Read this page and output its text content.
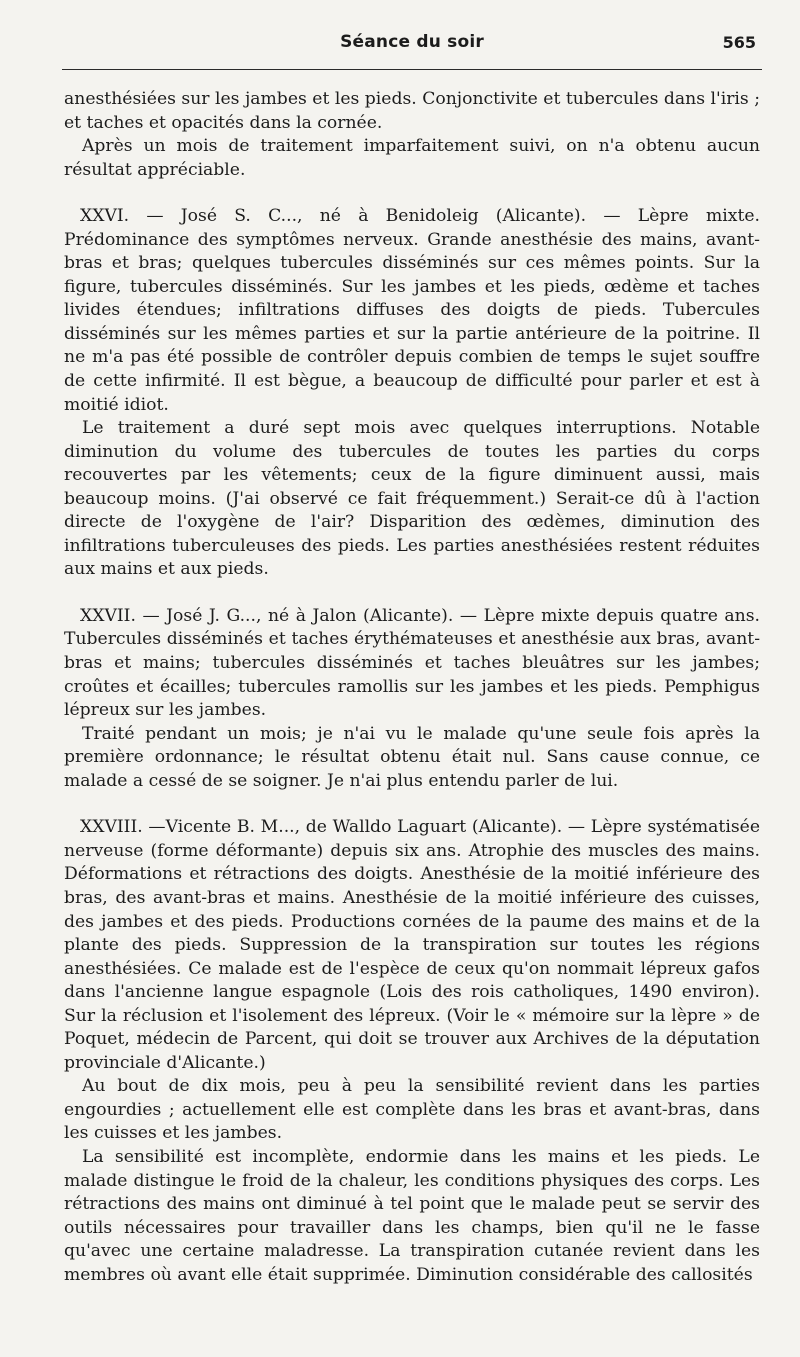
Séance du soir	565

anesthésiées sur les jambes et les pieds. Conjonctivite et tubercules dans l'iris ; et taches et opacités dans la cornée.

Après un mois de traitement imparfaitement suivi, on n'a obtenu aucun résultat appréciable.

XXVI. — José S. C..., né à Benidoleig (Alicante). — Lèpre mixte. Prédominance des symptômes nerveux. Grande anesthésie des mains, avant-bras et bras; quelques tubercules disséminés sur ces mêmes points. Sur la figure, tubercules disséminés. Sur les jambes et les pieds, œdème et taches livides étendues; infiltrations diffuses des doigts de pieds. Tubercules disséminés sur les mêmes parties et sur la partie antérieure de la poitrine. Il ne m'a pas été possible de contrôler depuis combien de temps le sujet souffre de cette infirmité. Il est bègue, a beaucoup de difficulté pour parler et est à moitié idiot.

Le traitement a duré sept mois avec quelques interruptions. Notable diminution du volume des tubercules de toutes les parties du corps recouvertes par les vêtements; ceux de la figure diminuent aussi, mais beaucoup moins. (J'ai observé ce fait fréquemment.) Serait-ce dû à l'action directe de l'oxygène de l'air? Disparition des œdèmes, diminution des infiltrations tuberculeuses des pieds. Les parties anesthésiées restent réduites aux mains et aux pieds.

XXVII. — José J. G..., né à Jalon (Alicante). — Lèpre mixte depuis quatre ans. Tubercules disséminés et taches érythémateuses et anesthésie aux bras, avant-bras et mains; tubercules disséminés et taches bleuâtres sur les jambes; croûtes et écailles; tubercules ramollis sur les jambes et les pieds. Pemphigus lépreux sur les jambes.

Traité pendant un mois; je n'ai vu le malade qu'une seule fois après la première ordonnance; le résultat obtenu était nul. Sans cause connue, ce malade a cessé de se soigner. Je n'ai plus entendu parler de lui.

XXVIII. —Vicente B. M..., de Walldo Laguart (Alicante). — Lèpre systématisée nerveuse (forme déformante) depuis six ans. Atrophie des muscles des mains. Déformations et rétractions des doigts. Anesthésie de la moitié inférieure des bras, des avant-bras et mains. Anesthésie de la moitié inférieure des cuisses, des jambes et des pieds. Productions cornées de la paume des mains et de la plante des pieds. Suppression de la transpiration sur toutes les régions anesthésiées. Ce malade est de l'espèce de ceux qu'on nommait lépreux gafos dans l'ancienne langue espagnole (Lois des rois catholiques, 1490 environ). Sur la réclusion et l'isolement des lépreux. (Voir le « mémoire sur la lèpre » de Poquet, médecin de Parcent, qui doit se trouver aux Archives de la députation provinciale d'Alicante.)

Au bout de dix mois, peu à peu la sensibilité revient dans les parties engourdies ; actuellement elle est complète dans les bras et avant-bras, dans les cuisses et les jambes.

La sensibilité est incomplète, endormie dans les mains et les pieds. Le malade distingue le froid de la chaleur, les conditions physiques des corps. Les rétractions des mains ont diminué à tel point que le malade peut se servir des outils nécessaires pour travailler dans les champs, bien qu'il ne le fasse qu'avec une certaine maladresse. La transpiration cutanée revient dans les membres où avant elle était supprimée. Diminution considérable des callosités
